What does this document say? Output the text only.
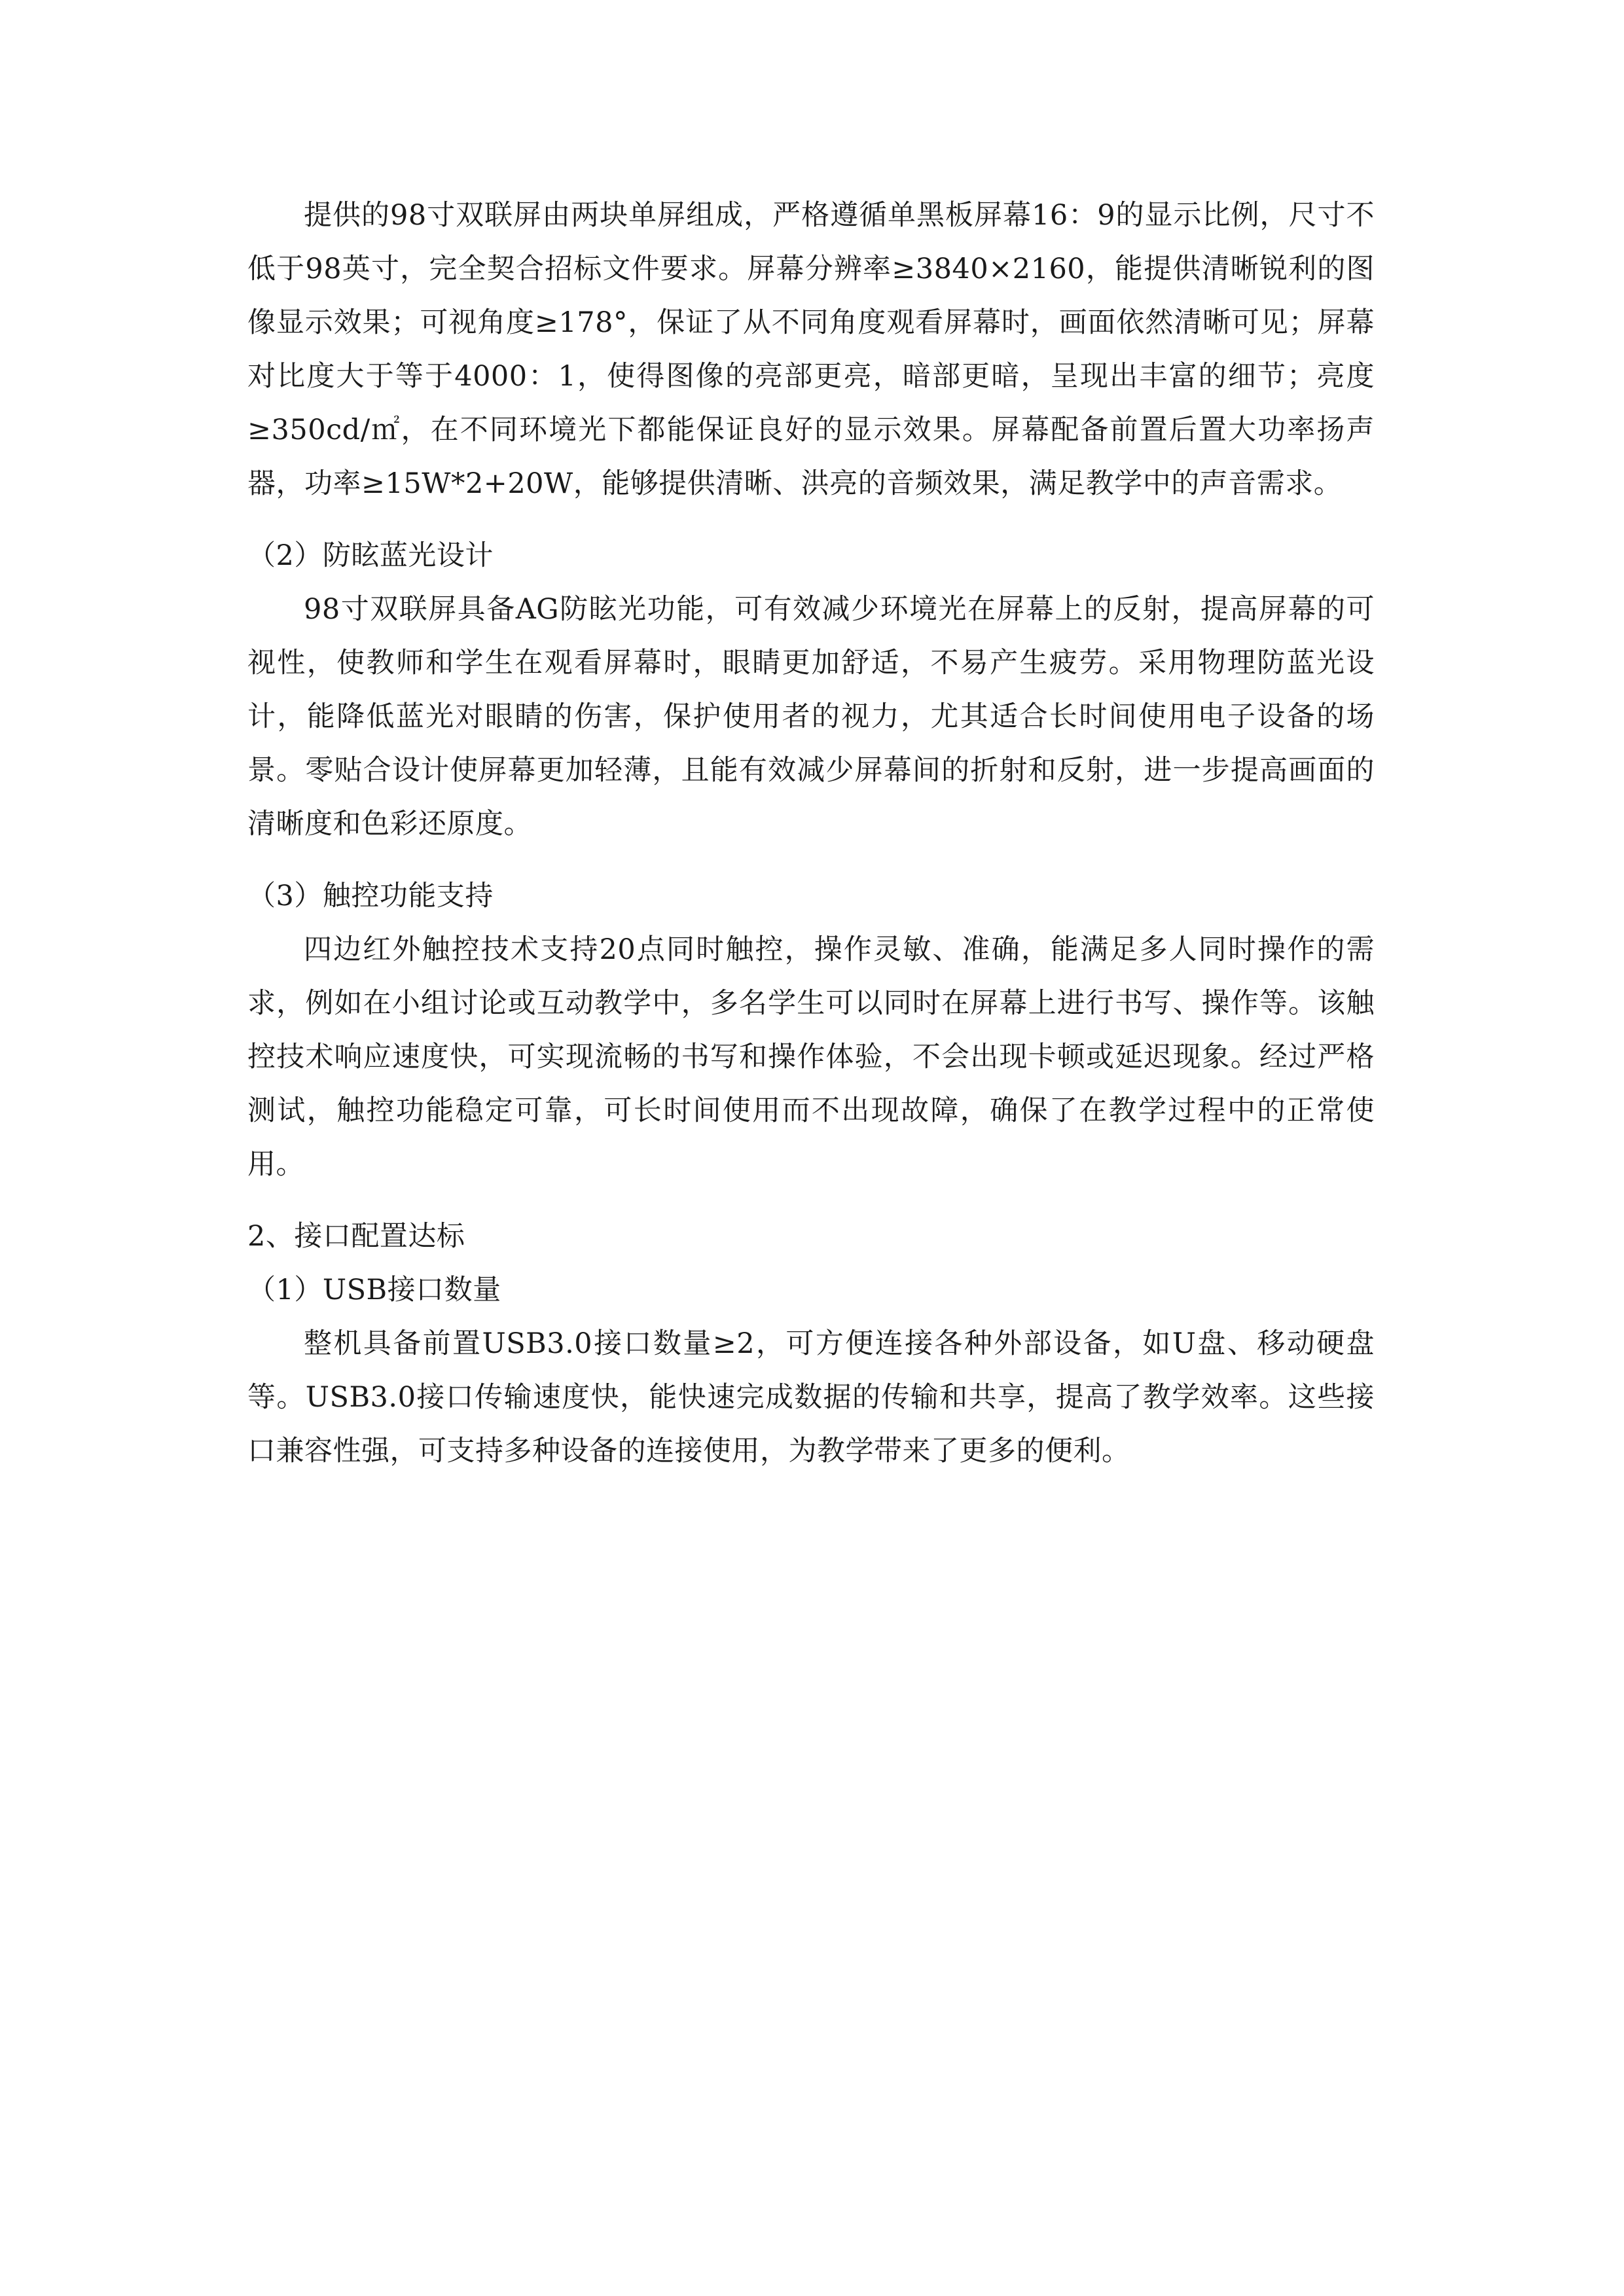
提供的98寸双联屏由两块单屏组成，严格遵循单黑板屏幕16：9的显示比例，尺寸不低于98英寸，完全契合招标文件要求。屏幕分辨率≥3840×2160，能提供清晰锐利的图像显示效果；可视角度≥178°，保证了从不同角度观看屏幕时，画面依然清晰可见；屏幕对比度大于等于4000：1，使得图像的亮部更亮，暗部更暗，呈现出丰富的细节；亮度≥350cd/㎡，在不同环境光下都能保证良好的显示效果。屏幕配备前置后置大功率扬声器，功率≥15W*2+20W，能够提供清晰、洪亮的音频效果，满足教学中的声音需求。

（2）防眩蓝光设计

98寸双联屏具备AG防眩光功能，可有效减少环境光在屏幕上的反射，提高屏幕的可视性，使教师和学生在观看屏幕时，眼睛更加舒适，不易产生疲劳。采用物理防蓝光设计，能降低蓝光对眼睛的伤害，保护使用者的视力，尤其适合长时间使用电子设备的场景。零贴合设计使屏幕更加轻薄，且能有效减少屏幕间的折射和反射，进一步提高画面的清晰度和色彩还原度。

（3）触控功能支持

四边红外触控技术支持20点同时触控，操作灵敏、准确，能满足多人同时操作的需求，例如在小组讨论或互动教学中，多名学生可以同时在屏幕上进行书写、操作等。该触控技术响应速度快，可实现流畅的书写和操作体验，不会出现卡顿或延迟现象。经过严格测试，触控功能稳定可靠，可长时间使用而不出现故障，确保了在教学过程中的正常使用。

2、接口配置达标

（1）USB接口数量

整机具备前置USB3.0接口数量≥2，可方便连接各种外部设备，如U盘、移动硬盘等。USB3.0接口传输速度快，能快速完成数据的传输和共享，提高了教学效率。这些接口兼容性强，可支持多种设备的连接使用，为教学带来了更多的便利。
